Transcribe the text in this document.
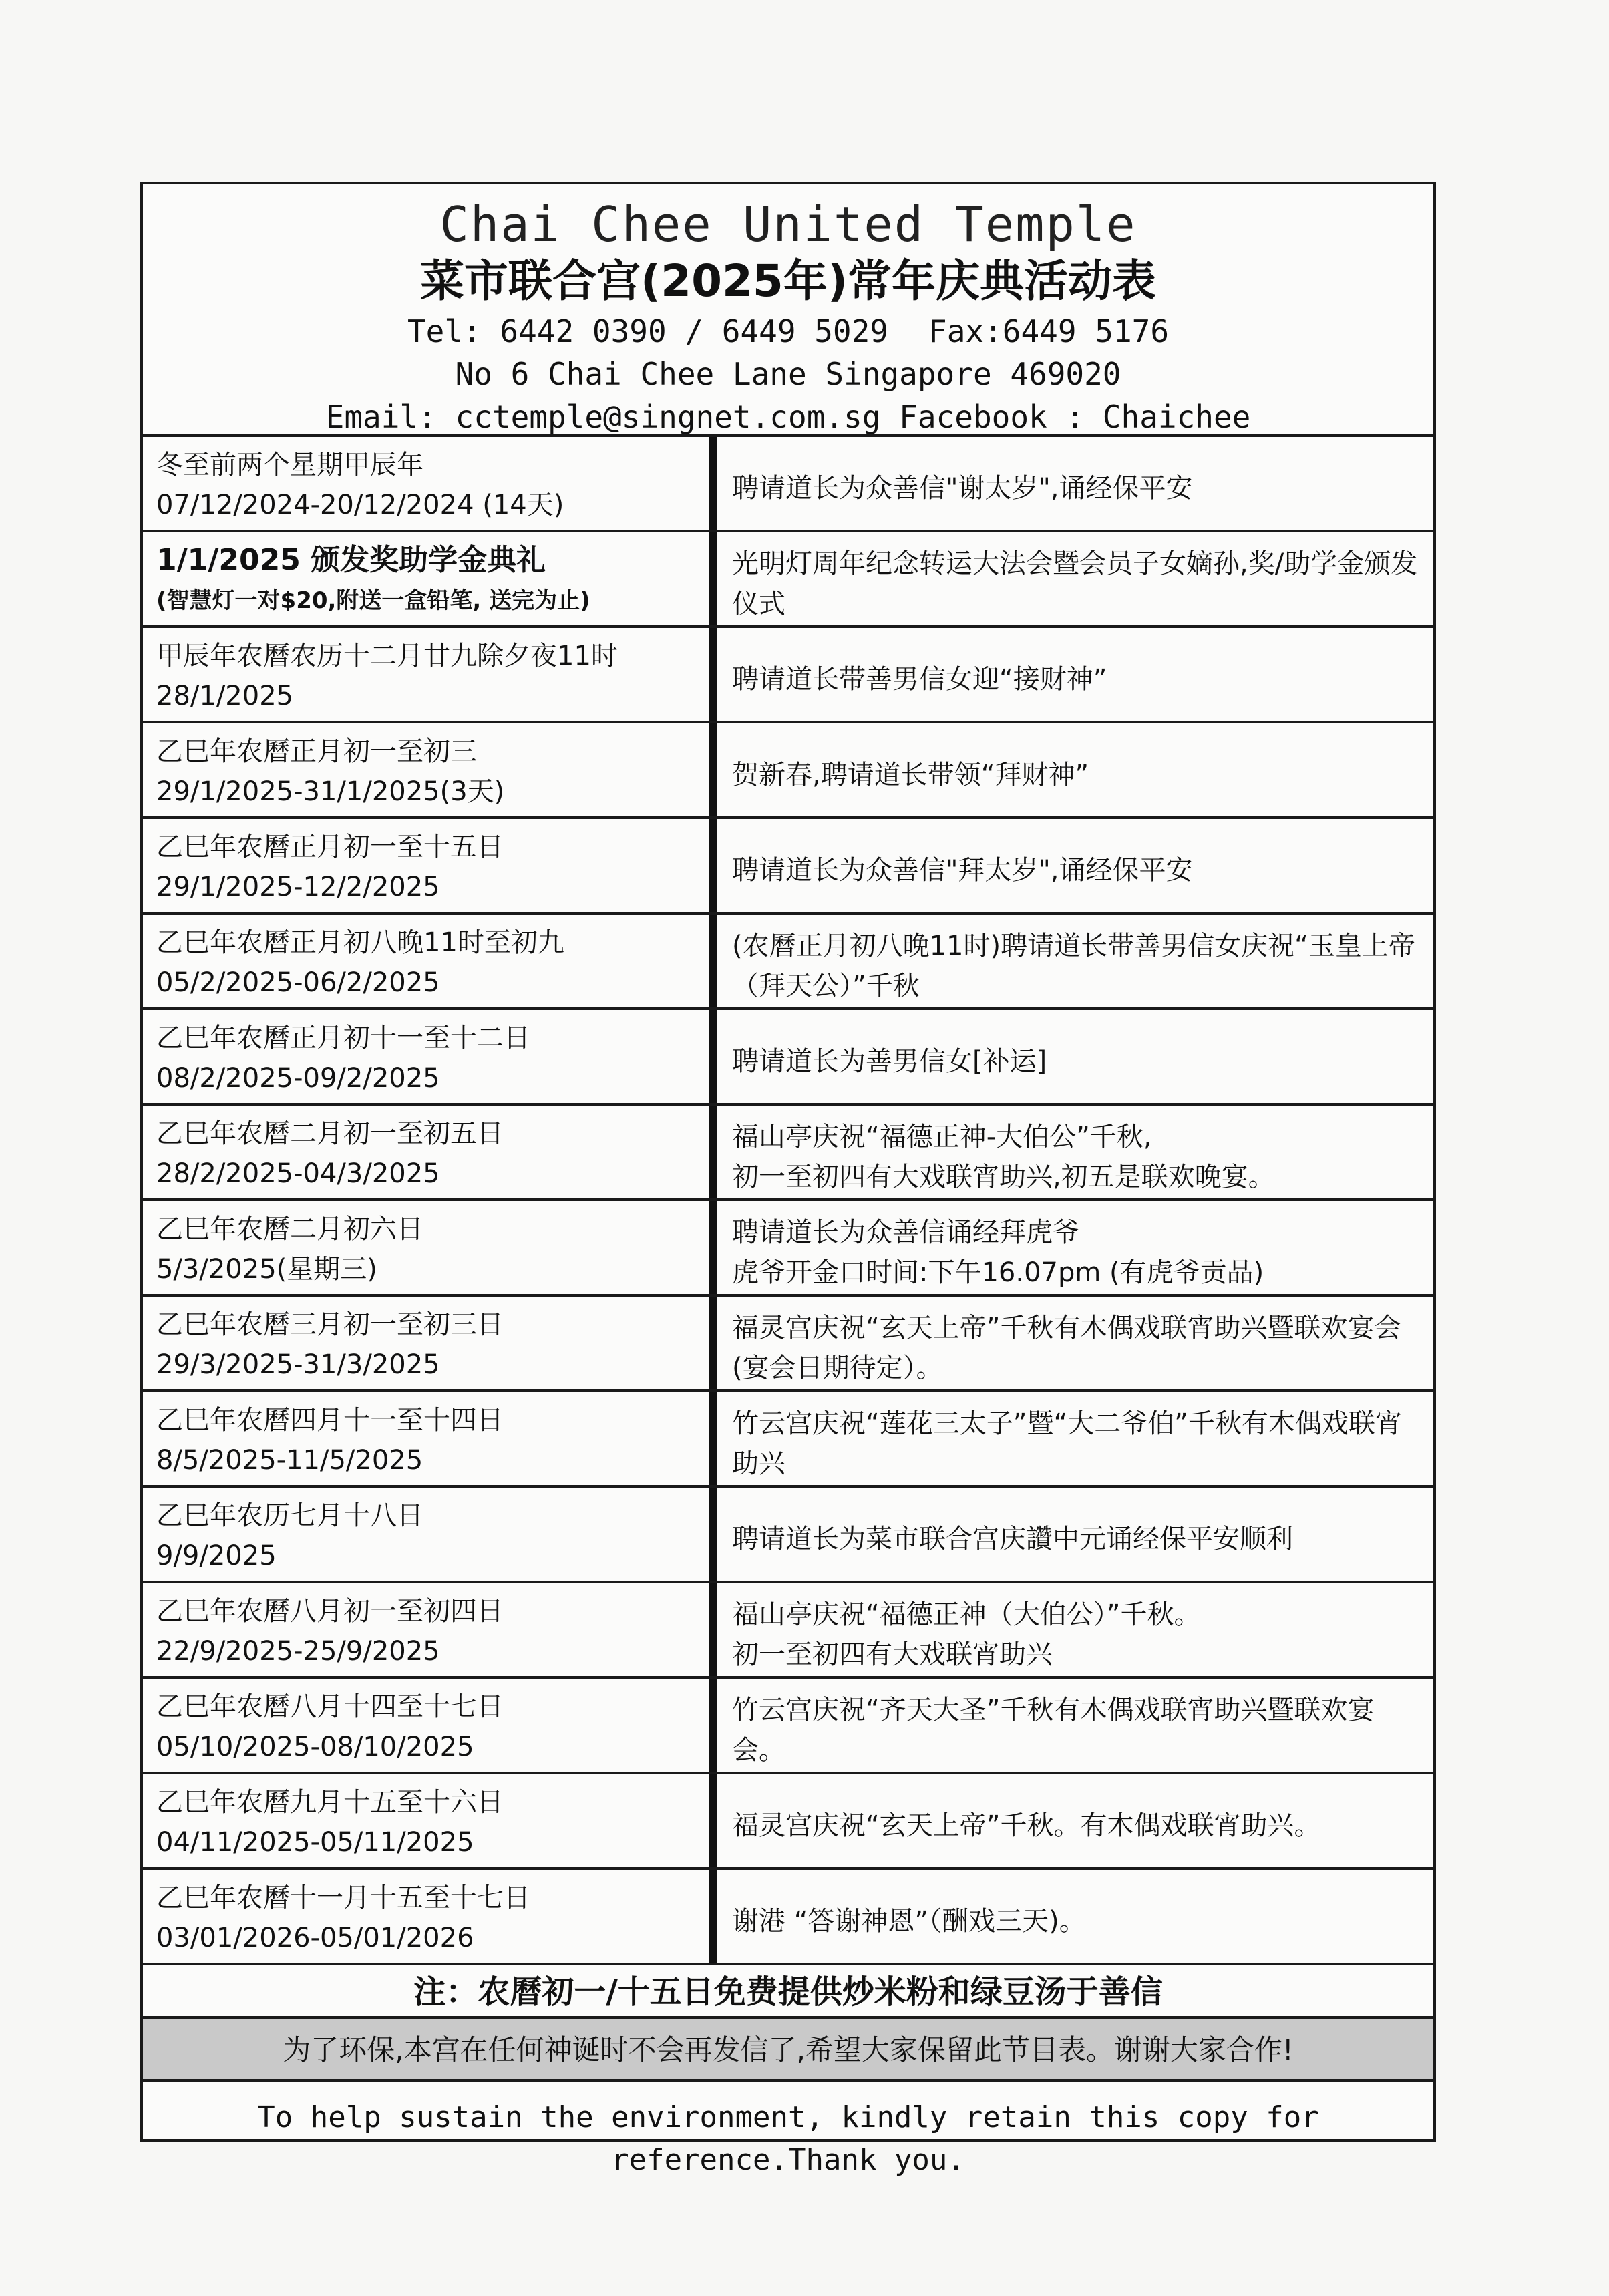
Chai Chee United Temple
菜市联合宫(2025年)常年庆典活动表
Tel: 6442 0390 / 6449 5029 Fax:6449 5176
No 6 Chai Chee Lane Singapore 469020
Email: cctemple@singnet.com.sg Facebook : Chaichee
冬至前两个星期甲辰年
07/12/2024-20/12/2024 (14天)
聘请道长为众善信"谢太岁",诵经保平安
1/1/2025 颁发奖助学金典礼
(智慧灯一对$20,附送一盒铅笔, 送完为止)
光明灯周年纪念转运大法会暨会员子女嫡孙,奖/助学金颁发仪式
甲辰年农曆农历十二月廿九除夕夜11时
28/1/2025
聘请道长带善男信女迎“接财神”
乙巳年农曆正月初一至初三
29/1/2025-31/1/2025(3天)
贺新春,聘请道长带领“拜财神”
乙巳年农曆正月初一至十五日
29/1/2025-12/2/2025
聘请道长为众善信"拜太岁",诵经保平安
乙巳年农曆正月初八晚11时至初九
05/2/2025-06/2/2025
(农曆正月初八晚11时)聘请道长带善男信女庆祝“玉皇上帝（拜天公）”千秋
乙巳年农曆正月初十一至十二日
08/2/2025-09/2/2025
聘请道长为善男信女[补运]
乙巳年农曆二月初一至初五日
28/2/2025-04/3/2025
福山亭庆祝“福德正神-大伯公”千秋,
初一至初四有大戏联宵助兴,初五是联欢晚宴。
乙巳年农曆二月初六日
5/3/2025(星期三)
聘请道长为众善信诵经拜虎爷
虎爷开金口时间:下午16.07pm (有虎爷贡品)
乙巳年农曆三月初一至初三日
29/3/2025-31/3/2025
福灵宫庆祝“玄天上帝”千秋有木偶戏联宵助兴暨联欢宴会(宴会日期待定）。
乙巳年农曆四月十一至十四日
8/5/2025-11/5/2025
竹云宫庆祝“莲花三太子”暨“大二爷伯”千秋有木偶戏联宵助兴
乙巳年农历七月十八日
9/9/2025
聘请道长为菜市联合宫庆讚中元诵经保平安顺利
乙巳年农曆八月初一至初四日
22/9/2025-25/9/2025
福山亭庆祝“福德正神（大伯公）”千秋。
初一至初四有大戏联宵助兴
乙巳年农曆八月十四至十七日
05/10/2025-08/10/2025
竹云宫庆祝“齐天大圣”千秋有木偶戏联宵助兴暨联欢宴会。
乙巳年农曆九月十五至十六日
04/11/2025-05/11/2025
福灵宫庆祝“玄天上帝”千秋。有木偶戏联宵助兴。
乙巳年农曆十一月十五至十七日
03/01/2026-05/01/2026
谢港 “答谢神恩”（酬戏三天)。
注：农曆初一/十五日免费提供炒米粉和绿豆汤于善信
为了环保,本宫在任何神诞时不会再发信了,希望大家保留此节目表。谢谢大家合作!
To help sustain the environment, kindly retain this copy for reference.Thank you.
